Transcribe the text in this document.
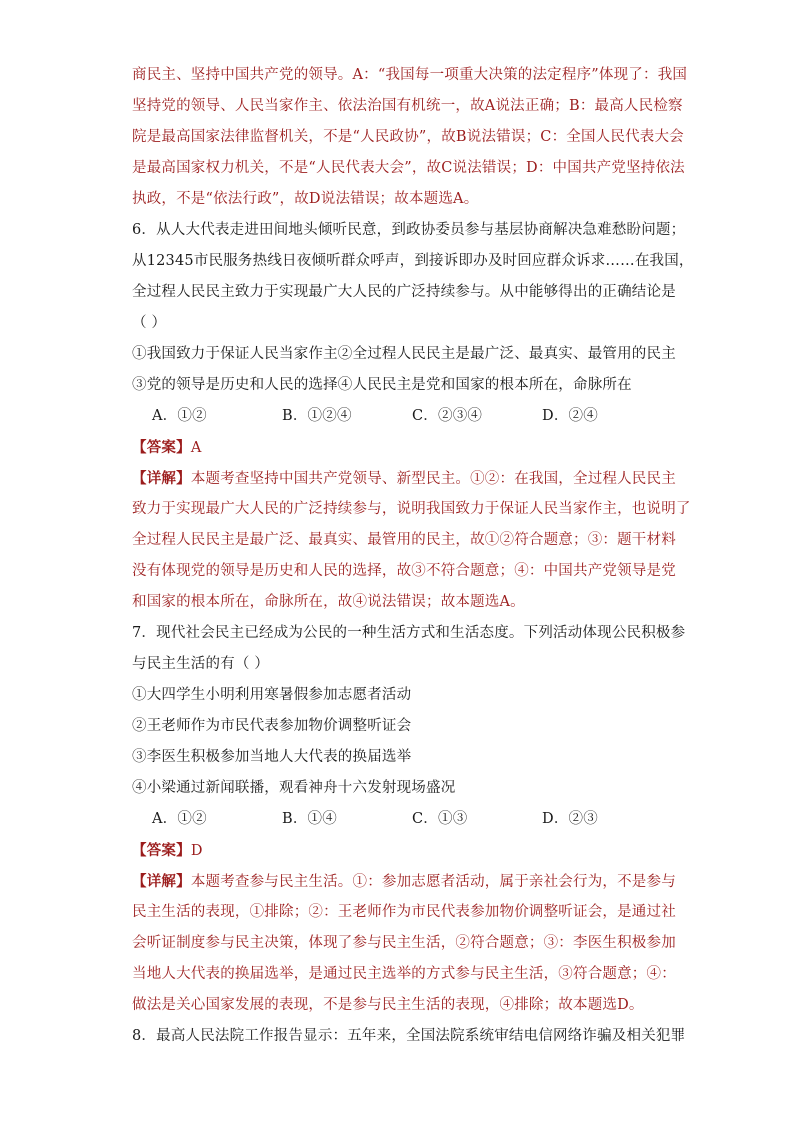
商民主、坚持中国共产党的领导。A：“我国每一项重大决策的法定程序”体现了：我国
坚持党的领导、人民当家作主、依法治国有机统一，故A说法正确；B：最高人民检察
院是最高国家法律监督机关，不是“人民政协”，故B说法错误；C：全国人民代表大会
是最高国家权力机关，不是“人民代表大会”，故C说法错误；D：中国共产党坚持依法
执政，不是“依法行政”，故D说法错误；故本题选A。
6．从人大代表走进田间地头倾听民意，到政协委员参与基层协商解决急难愁盼问题；
从12345市民服务热线日夜倾听群众呼声，到接诉即办及时回应群众诉求……在我国，
全过程人民民主致力于实现最广大人民的广泛持续参与。从中能够得出的正确结论是
（ ）
①我国致力于保证人民当家作主②全过程人民民主是最广泛、最真实、最管用的民主
③党的领导是历史和人民的选择④人民民主是党和国家的根本所在，命脉所在
A．①②	B．①②④	C．②③④	D．②④
【答案】A
【详解】本题考查坚持中国共产党领导、新型民主。①②：在我国，全过程人民民主
致力于实现最广大人民的广泛持续参与，说明我国致力于保证人民当家作主，也说明了
全过程人民民主是最广泛、最真实、最管用的民主，故①②符合题意；③：题干材料
没有体现党的领导是历史和人民的选择，故③不符合题意；④：中国共产党领导是党
和国家的根本所在，命脉所在，故④说法错误；故本题选A。
7．现代社会民主已经成为公民的一种生活方式和生活态度。下列活动体现公民积极参
与民主生活的有（ ）
①大四学生小明利用寒暑假参加志愿者活动
②王老师作为市民代表参加物价调整听证会
③李医生积极参加当地人大代表的换届选举
④小梁通过新闻联播，观看神舟十六发射现场盛况
A．①②	B．①④	C．①③	D．②③
【答案】D
【详解】本题考查参与民主生活。①：参加志愿者活动，属于亲社会行为，不是参与
民主生活的表现，①排除；②：王老师作为市民代表参加物价调整听证会，是通过社
会听证制度参与民主决策，体现了参与民主生活，②符合题意；③：李医生积极参加
当地人大代表的换届选举，是通过民主选举的方式参与民主生活，③符合题意；④：
做法是关心国家发展的表现，不是参与民主生活的表现，④排除；故本题选D。
8．最高人民法院工作报告显示：五年来，全国法院系统审结电信网络诈骗及相关犯罪
